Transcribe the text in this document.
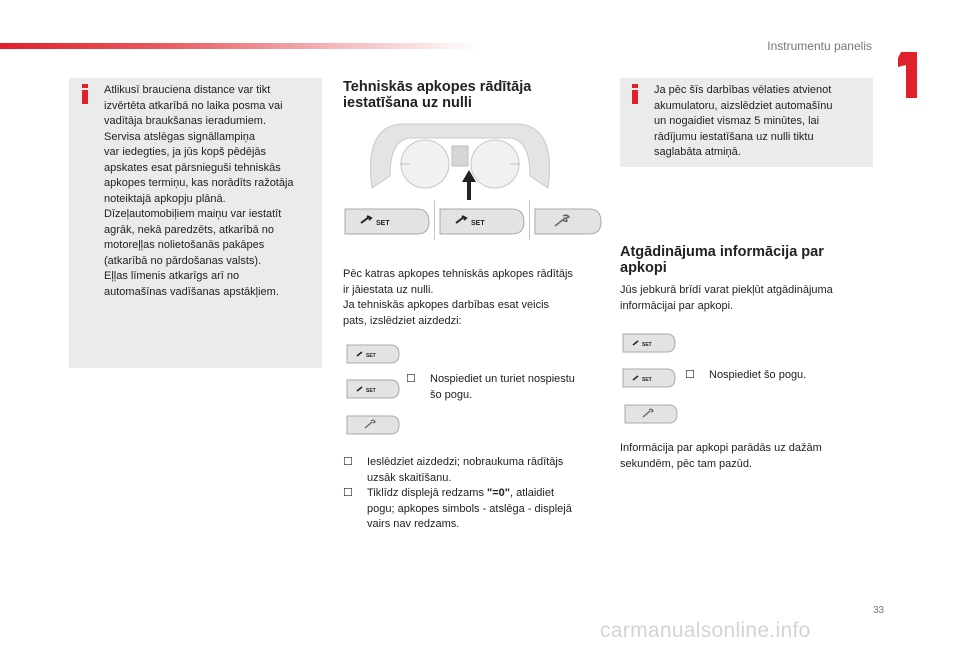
Instrumentu panelis

Atlikusī brauciena distance var tikt

izvērtēta atkarībā no laika posma vai

vadītāja braukšanas ieradumiem.

Servisa atslēgas signāllampiņa

var iedegties, ja jūs kopš pēdējās

apskates esat pārsnieguši tehniskās

apkopes termiņu, kas norādīts ražotāja

noteiktajā apkopju plānā.

Dīzeļautomobiļiem maiņu var iestatīt

agrāk, nekā paredzēts, atkarībā no

motoreļļas nolietošanās pakāpes

(atkarībā no pārdošanas valsts).

Eļļas līmenis atkarīgs arī no

automašīnas vadīšanas apstākļiem.

Tehniskās apkopes rādītāja
iestatīšana uz nulli
SET	SET

Pēc katras apkopes tehniskās apkopes rādītājs

ir jāiestata uz nulli.

Ja tehniskās apkopes darbības esat veicis

pats, izslēdziet aizdedzi:

SET
SET
☐ Nospiediet un turiet nospiestu

šo pogu.

☐ Ieslēdziet aizdedzi; nobraukuma rādītājs

uzsāk skaitīšanu.

☐ Tiklīdz displejā redzams "=0", atlaidiet

pogu; apkopes simbols - atslēga - displejā

vairs nav redzams.

Ja pēc šīs darbības vēlaties atvienot

akumulatoru, aizslēdziet automašīnu

un nogaidiet vismaz 5 minūtes, lai

rādījumu iestatīšana uz nulli tiktu

saglabāta atmiņā.

Atgādinājuma informācija par
apkopi

Jūs jebkurā brīdī varat piekļūt atgādinājuma

informācijai par apkopi.

SET
SET	☐ Nospiediet šo pogu.

Informācija par apkopi parādās uz dažām

sekundēm, pēc tam pazūd.

33
carmanualsonline.info
